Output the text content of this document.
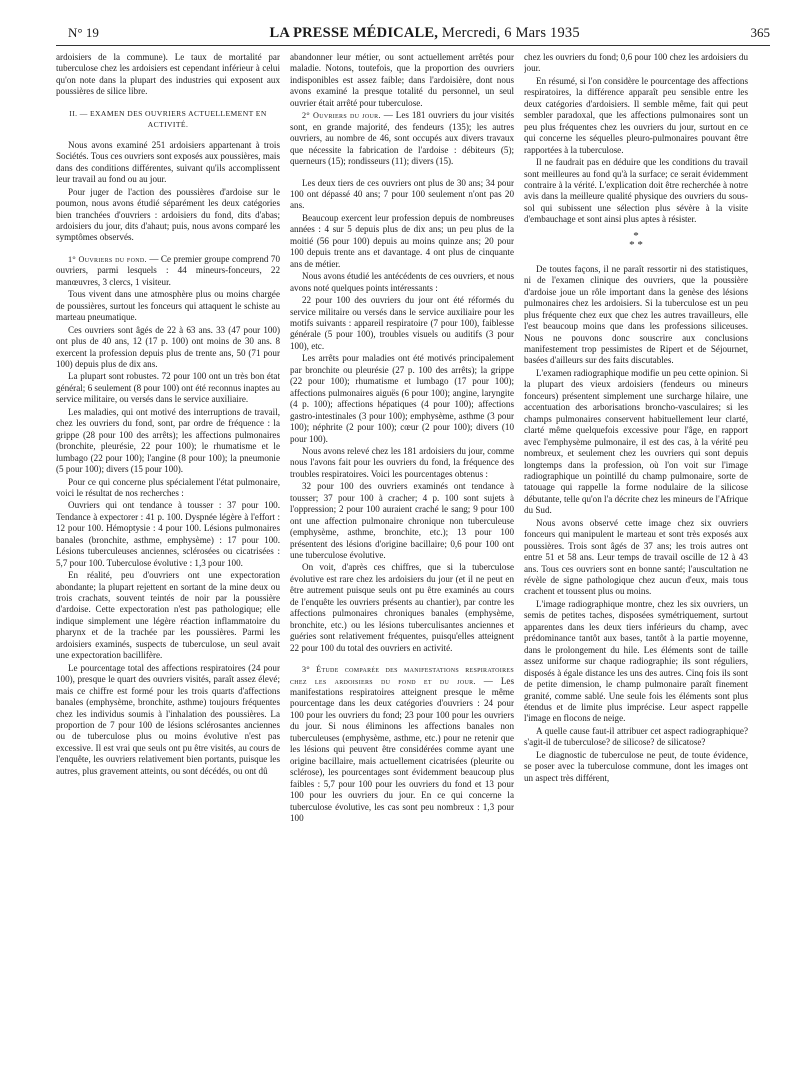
N° 19	LA PRESSE MÉDICALE, Mercredi, 6 Mars 1935	365

ardoisiers de la commune). Le taux de mortalité par tuberculose chez les ardoisiers est cependant inférieur à celui qu'on note dans la plupart des industries qui exposent aux poussières de silice libre.

II. — EXAMEN DES OUVRIERS ACTUELLEMENT EN ACTIVITÉ.

Nous avons examiné 251 ardoisiers appartenant à trois Sociétés. Tous ces ouvriers sont exposés aux poussières, mais dans des conditions différentes, suivant qu'ils accomplissent leur travail au fond ou au jour.

Pour juger de l'action des poussières d'ardoise sur le poumon, nous avons étudié séparément les deux catégories bien tranchées d'ouvriers : ardoisiers du fond, dits d'abas; ardoisiers du jour, dits d'ahaut; puis, nous avons comparé les symptômes observés.

1° Ouvriers du fond. — Ce premier groupe comprend 70 ouvriers, parmi lesquels : 44 mineurs-fonceurs, 22 manœuvres, 3 clercs, 1 visiteur.

Tous vivent dans une atmosphère plus ou moins chargée de poussières, surtout les fonceurs qui attaquent le schiste au marteau pneumatique.

Ces ouvriers sont âgés de 22 à 63 ans. 33 (47 pour 100) ont plus de 40 ans, 12 (17 p. 100) ont moins de 30 ans. 8 exercent la profession depuis plus de trente ans, 50 (71 pour 100) depuis plus de dix ans.

La plupart sont robustes. 72 pour 100 ont un très bon état général; 6 seulement (8 pour 100) ont été reconnus inaptes au service militaire, ou versés dans le service auxiliaire.

Les maladies, qui ont motivé des interruptions de travail, chez les ouvriers du fond, sont, par ordre de fréquence : la grippe (28 pour 100 des arrêts); les affections pulmonaires (bronchite, pleurésie, 22 pour 100); le rhumatisme et le lumbago (22 pour 100); l'angine (8 pour 100); la pneumonie (5 pour 100); divers (15 pour 100).

Pour ce qui concerne plus spécialement l'état pulmonaire, voici le résultat de nos recherches :

Ouvriers qui ont tendance à tousser : 37 pour 100. Tendance à expectorer : 41 p. 100. Dyspnée légère à l'effort : 12 pour 100. Hémoptysie : 4 pour 100. Lésions pulmonaires banales (bronchite, asthme, emphysème) : 17 pour 100. Lésions tuberculeuses anciennes, sclérosées ou cicatrisées : 5,7 pour 100. Tuberculose évolutive : 1,3 pour 100.

En réalité, peu d'ouvriers ont une expectoration abondante; la plupart rejettent en sortant de la mine deux ou trois crachats, souvent teintés de noir par la poussière d'ardoise. Cette expectoration n'est pas pathologique; elle indique simplement une légère réaction inflammatoire du pharynx et de la trachée par les poussières. Parmi les ardoisiers examinés, suspects de tuberculose, un seul avait une expectoration bacillifère.

Le pourcentage total des affections respiratoires (24 pour 100), presque le quart des ouvriers visités, paraît assez élevé; mais ce chiffre est formé pour les trois quarts d'affections banales (emphysème, bronchite, asthme) toujours fréquentes chez les individus soumis à l'inhalation des poussières. La proportion de 7 pour 100 de lésions sclérosantes anciennes ou de tuberculose plus ou moins évolutive n'est pas excessive. Il est vrai que seuls ont pu être visités, au cours de l'enquête, les ouvriers relativement bien portants, puisque les autres, plus gravement atteints, ou sont décédés, ou ont dû

abandonner leur métier, ou sont actuellement arrêtés pour maladie. Notons, toutefois, que la proportion des ouvriers indisponibles est assez faible; dans l'ardoisière, dont nous avons examiné la presque totalité du personnel, un seul ouvrier était arrêté pour tuberculose.

2° Ouvriers du jour. — Les 181 ouvriers du jour visités sont, en grande majorité, des fendeurs (135); les autres ouvriers, au nombre de 46, sont occupés aux divers travaux que nécessite la fabrication de l'ardoise : débiteurs (5); querneurs (15); rondisseurs (11); divers (15).

Les deux tiers de ces ouvriers ont plus de 30 ans; 34 pour 100 ont dépassé 40 ans; 7 pour 100 seulement n'ont pas 20 ans.

Beaucoup exercent leur profession depuis de nombreuses années : 4 sur 5 depuis plus de dix ans; un peu plus de la moitié (56 pour 100) depuis au moins quinze ans; 20 pour 100 depuis trente ans et davantage. 4 ont plus de cinquante ans de métier.

Nous avons étudié les antécédents de ces ouvriers, et nous avons noté quelques points intéressants :

22 pour 100 des ouvriers du jour ont été réformés du service militaire ou versés dans le service auxiliaire pour les motifs suivants : appareil respiratoire (7 pour 100), faiblesse générale (5 pour 100), troubles visuels ou auditifs (3 pour 100), etc.

Les arrêts pour maladies ont été motivés principalement par bronchite ou pleurésie (27 p. 100 des arrêts); la grippe (22 pour 100); rhumatisme et lumbago (17 pour 100); affections pulmonaires aiguës (6 pour 100); angine, laryngite (4 p. 100); affections hépatiques (4 pour 100); affections gastro-intestinales (3 pour 100); emphysème, asthme (3 pour 100); néphrite (2 pour 100); cœur (2 pour 100); divers (10 pour 100).

Nous avons relevé chez les 181 ardoisiers du jour, comme nous l'avons fait pour les ouvriers du fond, la fréquence des troubles respiratoires. Voici les pourcentages obtenus :

32 pour 100 des ouvriers examinés ont tendance à tousser; 37 pour 100 à cracher; 4 p. 100 sont sujets à l'oppression; 2 pour 100 auraient craché le sang; 9 pour 100 ont une affection pulmonaire chronique non tuberculeuse (emphysème, asthme, bronchite, etc.); 13 pour 100 présentent des lésions d'origine bacillaire; 0,6 pour 100 ont une tuberculose évolutive.

On voit, d'après ces chiffres, que si la tuberculose évolutive est rare chez les ardoisiers du jour (et il ne peut en être autrement puisque seuls ont pu être examinés au cours de l'enquête les ouvriers présents au chantier), par contre les affections pulmonaires chroniques banales (emphysème, bronchite, etc.) ou les lésions tuberculisantes anciennes et guéries sont relativement fréquentes, puisqu'elles atteignent 22 pour 100 du total des ouvriers en activité.

3° Étude comparée des manifestations respiratoires chez les ardoisiers du fond et du jour. — Les manifestations respiratoires atteignent presque le même pourcentage dans les deux catégories d'ouvriers : 24 pour 100 pour les ouvriers du fond; 23 pour 100 pour les ouvriers du jour. Si nous éliminons les affections banales non tuberculeuses (emphysème, asthme, etc.) pour ne retenir que les lésions qui peuvent être considérées comme ayant une origine bacillaire, mais actuellement cicatrisées (pleurite ou sclérose), les pourcentages sont évidemment beaucoup plus faibles : 5,7 pour 100 pour les ouvriers du fond et 13 pour 100 pour les ouvriers du jour. En ce qui concerne la tuberculose évolutive, les cas sont peu nombreux : 1,3 pour 100

chez les ouvriers du fond; 0,6 pour 100 chez les ardoisiers du jour.

En résumé, si l'on considère le pourcentage des affections respiratoires, la différence apparaît peu sensible entre les deux catégories d'ardoisiers. Il semble même, fait qui peut sembler paradoxal, que les affections pulmonaires sont un peu plus fréquentes chez les ouvriers du jour, surtout en ce qui concerne les séquelles pleuro-pulmonaires pouvant être rapportées à la tuberculose.

Il ne faudrait pas en déduire que les conditions du travail sont meilleures au fond qu'à la surface; ce serait évidemment contraire à la vérité. L'explication doit être recherchée à notre avis dans la meilleure qualité physique des ouvriers du sous-sol qui subissent une sélection plus sévère à la visite d'embauchage et sont ainsi plus aptes à résister.

*
* *

De toutes façons, il ne paraît ressortir ni des statistiques, ni de l'examen clinique des ouvriers, que la poussière d'ardoise joue un rôle important dans la genèse des lésions pulmonaires chez les ardoisiers. Si la tuberculose est un peu plus fréquente chez eux que chez les autres travailleurs, elle l'est beaucoup moins que dans les professions siliceuses. Nous ne pouvons donc souscrire aux conclusions manifestement trop pessimistes de Ripert et de Séjournet, basées d'ailleurs sur des faits discutables.

L'examen radiographique modifie un peu cette opinion. Si la plupart des vieux ardoisiers (fendeurs ou mineurs fonceurs) présentent simplement une surcharge hilaire, une accentuation des arborisations broncho-vasculaires; si les champs pulmonaires conservent habituellement leur clarté, clarté même quelquefois excessive pour l'âge, en rapport avec l'emphysème pulmonaire, il est des cas, à la vérité peu nombreux, et seulement chez les ouvriers qui sont depuis longtemps dans la profession, où l'on voit sur l'image radiographique un pointillé du champ pulmonaire, sorte de tatouage qui rappelle la forme nodulaire de la silicose débutante, telle qu'on l'a décrite chez les mineurs de l'Afrique du Sud.

Nous avons observé cette image chez six ouvriers fonceurs qui manipulent le marteau et sont très exposés aux poussières. Trois sont âgés de 37 ans; les trois autres ont entre 51 et 58 ans. Leur temps de travail oscille de 12 à 43 ans. Tous ces ouvriers sont en bonne santé; l'auscultation ne révèle de signe pathologique chez aucun d'eux, mais tous crachent et toussent plus ou moins.

L'image radiographique montre, chez les six ouvriers, un semis de petites taches, disposées symétriquement, surtout apparentes dans les deux tiers inférieurs du champ, avec prédominance tantôt aux bases, tantôt à la partie moyenne, dans le prolongement du hile. Les éléments sont de taille assez uniforme sur chaque radiographie; ils sont réguliers, disposés à égale distance les uns des autres. Cinq fois ils sont de petite dimension, le champ pulmonaire paraît finement granité, comme sablé. Une seule fois les éléments sont plus étendus et de limite plus imprécise. Leur aspect rappelle l'image en flocons de neige.

A quelle cause faut-il attribuer cet aspect radiographique? s'agit-il de tuberculose? de silicose? de silicatose?

Le diagnostic de tuberculose ne peut, de toute évidence, se poser avec la tuberculose commune, dont les images ont un aspect très différent,
